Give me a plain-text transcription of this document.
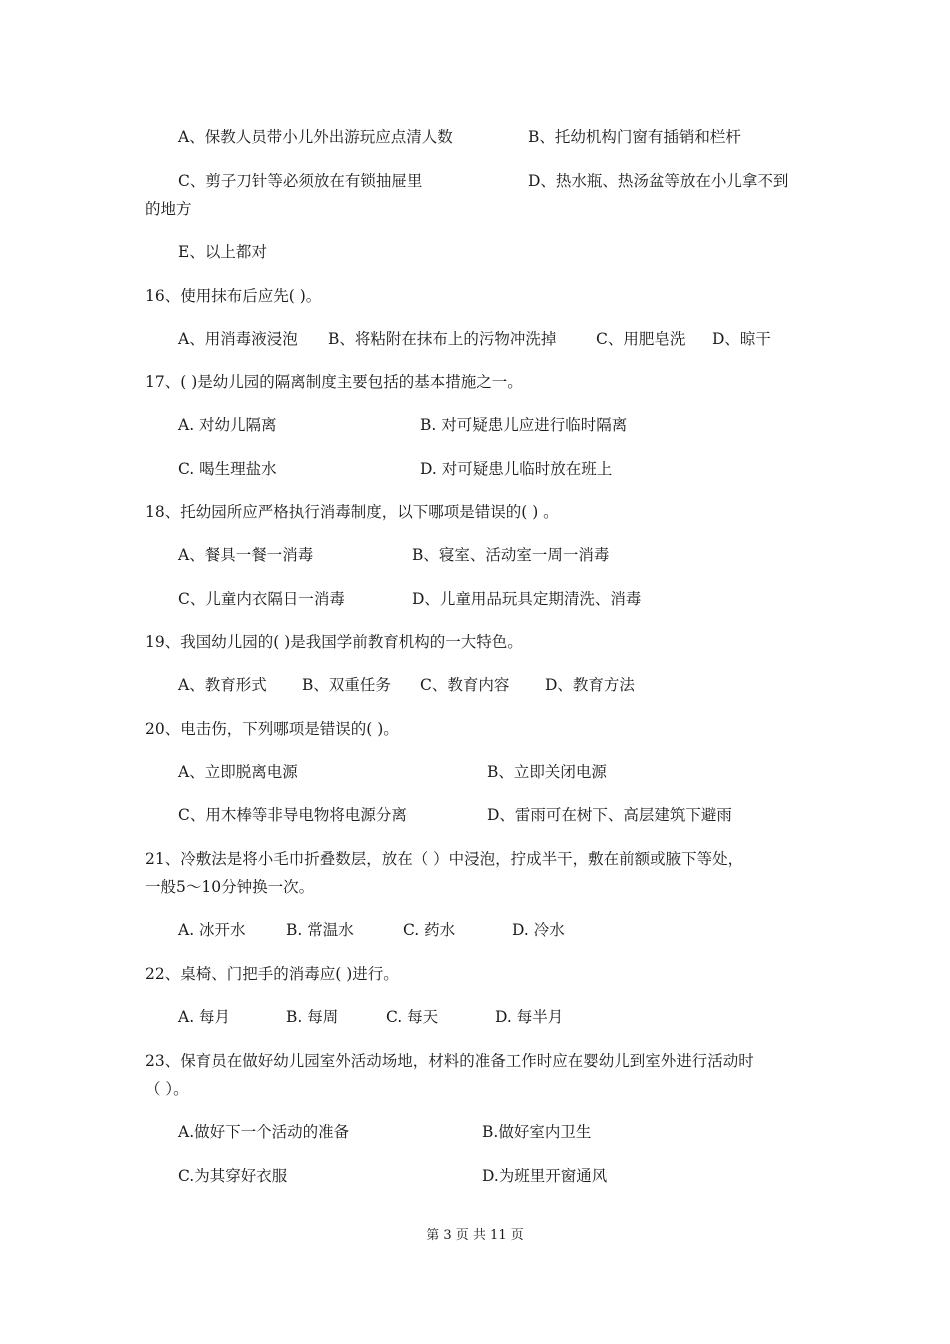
A、保教人员带小儿外出游玩应点清人数	B、托幼机构门窗有插销和栏杆
C、剪子刀针等必须放在有锁抽屉里	D、热水瓶、热汤盆等放在小儿拿不到
的地方
E、以上都对
16、使用抹布后应先( )。
A、用消毒液浸泡 B、将粘附在抹布上的污物冲洗掉	C、用肥皂洗 D、晾干
17、( )是幼儿园的隔离制度主要包括的基本措施之一。
A. 对幼儿隔离	B. 对可疑患儿应进行临时隔离
C. 喝生理盐水	D. 对可疑患儿临时放在班上
18、托幼园所应严格执行消毒制度，以下哪项是错误的( ) 。
A、餐具一餐一消毒	B、寝室、活动室一周一消毒
C、儿童内衣隔日一消毒	D、儿童用品玩具定期清洗、消毒
19、我国幼儿园的( )是我国学前教育机构的一大特色。
A、教育形式 B、双重任务 C、教育内容 D、教育方法
20、电击伤，下列哪项是错误的( )。
A、立即脱离电源	B、立即关闭电源
C、用木棒等非导电物将电源分离	D、雷雨可在树下、高层建筑下避雨
21、冷敷法是将小毛巾折叠数层，放在（ ）中浸泡，拧成半干，敷在前额或腋下等处，
一般5～10分钟换一次。
A. 冰开水	B. 常温水	C. 药水	D. 冷水
22、桌椅、门把手的消毒应( )进行。
A. 每月	B. 每周	C. 每天	D. 每半月
23、保育员在做好幼儿园室外活动场地，材料的准备工作时应在婴幼儿到室外进行活动时
（ ）。
A.做好下一个活动的准备	B.做好室内卫生
C.为其穿好衣服	D.为班里开窗通风
第 3 页 共 11 页
